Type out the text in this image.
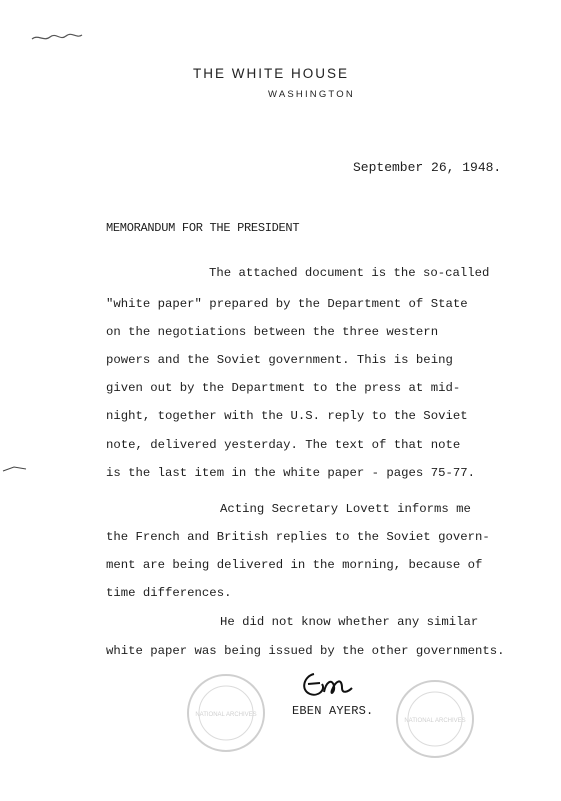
THE WHITE HOUSE
WASHINGTON
September 26, 1948.
MEMORANDUM FOR THE PRESIDENT
The attached document is the so-called
"white paper" prepared by the Department of State
on the negotiations between the three western
powers and the Soviet government. This is being
given out by the Department to the press at mid-
night, together with the U.S. reply to the Soviet
note, delivered yesterday. The text of that note
is the last item in the white paper - pages 75-77.
Acting Secretary Lovett informs me
the French and British replies to the Soviet govern-
ment are being delivered in the morning, because of
time differences.
He did not know whether any similar
white paper was being issued by the other governments.
EBEN AYERS.
NATIONAL ARCHIVES
NATIONAL ARCHIVES
